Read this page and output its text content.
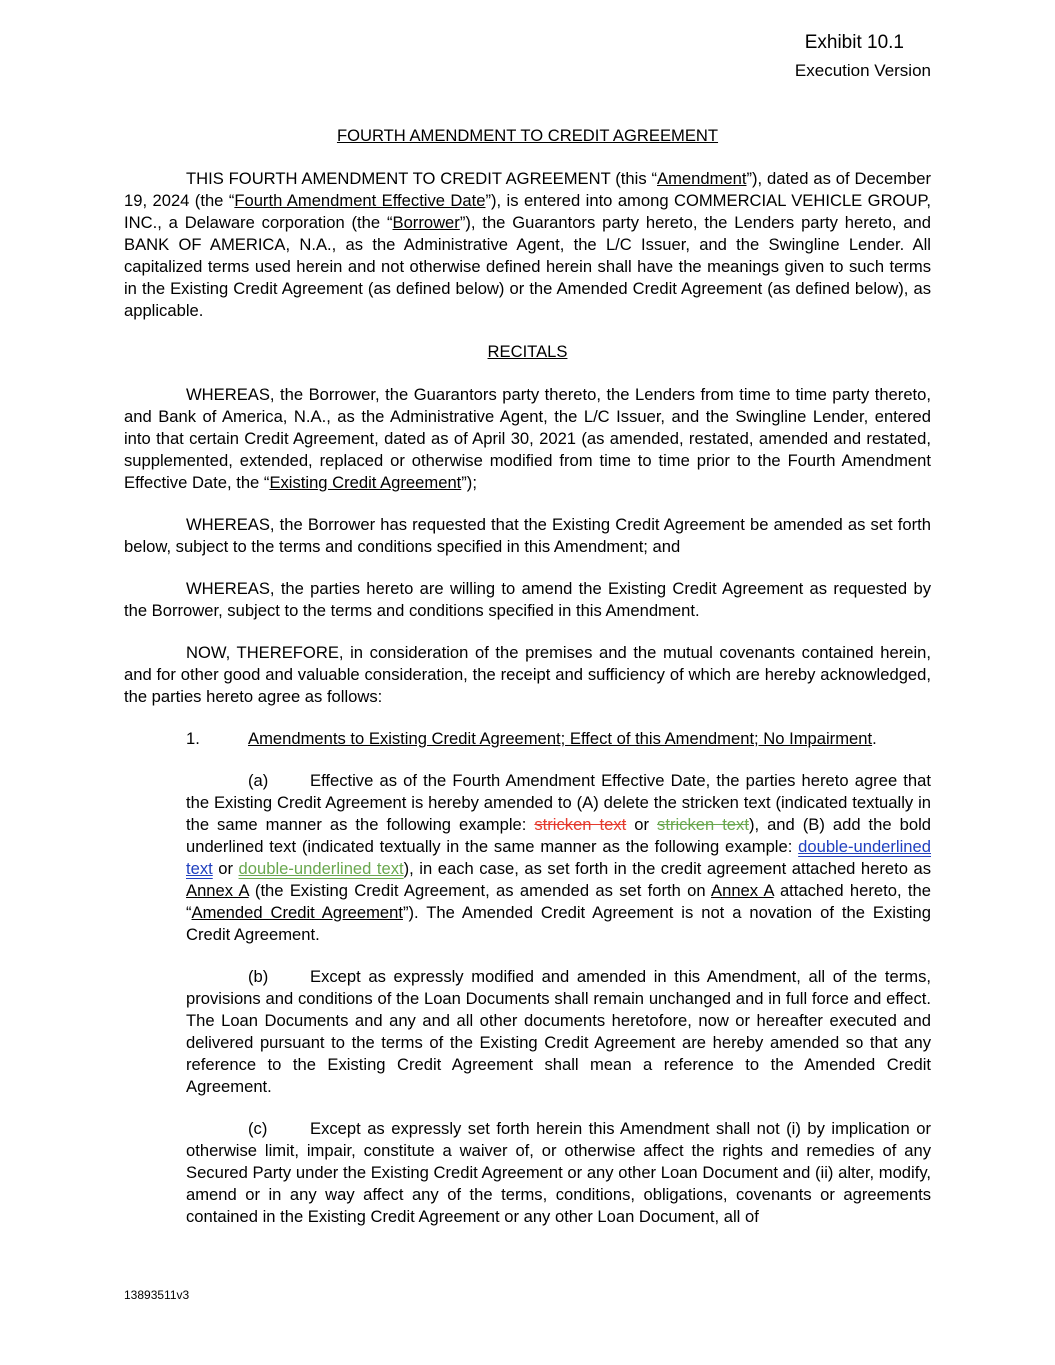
Exhibit 10.1
Execution Version
FOURTH AMENDMENT TO CREDIT AGREEMENT

THIS FOURTH AMENDMENT TO CREDIT AGREEMENT (this “Amendment”), dated as of December 19, 2024 (the “Fourth Amendment Effective Date”), is entered into among COMMERCIAL VEHICLE GROUP, INC., a Delaware corporation (the “Borrower”), the Guarantors party hereto, the Lenders party hereto, and BANK OF AMERICA, N.A., as the Administrative Agent, the L/C Issuer, and the Swingline Lender. All capitalized terms used herein and not otherwise defined herein shall have the meanings given to such terms in the Existing Credit Agreement (as defined below) or the Amended Credit Agreement (as defined below), as applicable.

RECITALS

WHEREAS, the Borrower, the Guarantors party thereto, the Lenders from time to time party thereto, and Bank of America, N.A., as the Administrative Agent, the L/C Issuer, and the Swingline Lender, entered into that certain Credit Agreement, dated as of April 30, 2021 (as amended, restated, amended and restated, supplemented, extended, replaced or otherwise modified from time to time prior to the Fourth Amendment Effective Date, the “Existing Credit Agreement”);

WHEREAS, the Borrower has requested that the Existing Credit Agreement be amended as set forth below, subject to the terms and conditions specified in this Amendment; and

WHEREAS, the parties hereto are willing to amend the Existing Credit Agreement as requested by the Borrower, subject to the terms and conditions specified in this Amendment.

NOW, THEREFORE, in consideration of the premises and the mutual covenants contained herein, and for other good and valuable consideration, the receipt and sufficiency of which are hereby acknowledged, the parties hereto agree as follows:

1.	Amendments to Existing Credit Agreement; Effect of this Amendment; No Impairment.

(a)	Effective as of the Fourth Amendment Effective Date, the parties hereto agree that the Existing Credit Agreement is hereby amended to (A) delete the stricken text (indicated textually in the same manner as the following example: stricken text or stricken text), and (B) add the bold underlined text (indicated textually in the same manner as the following example: double-underlined text or double-underlined text), in each case, as set forth in the credit agreement attached hereto as Annex A (the Existing Credit Agreement, as amended as set forth on Annex A attached hereto, the “Amended Credit Agreement”). The Amended Credit Agreement is not a novation of the Existing Credit Agreement.

(b)	Except as expressly modified and amended in this Amendment, all of the terms, provisions and conditions of the Loan Documents shall remain unchanged and in full force and effect. The Loan Documents and any and all other documents heretofore, now or hereafter executed and delivered pursuant to the terms of the Existing Credit Agreement are hereby amended so that any reference to the Existing Credit Agreement shall mean a reference to the Amended Credit Agreement.

(c)	Except as expressly set forth herein this Amendment shall not (i) by implication or otherwise limit, impair, constitute a waiver of, or otherwise affect the rights and remedies of any Secured Party under the Existing Credit Agreement or any other Loan Document and (ii) alter, modify, amend or in any way affect any of the terms, conditions, obligations, covenants or agreements contained in the Existing Credit Agreement or any other Loan Document, all of

13893511v3
